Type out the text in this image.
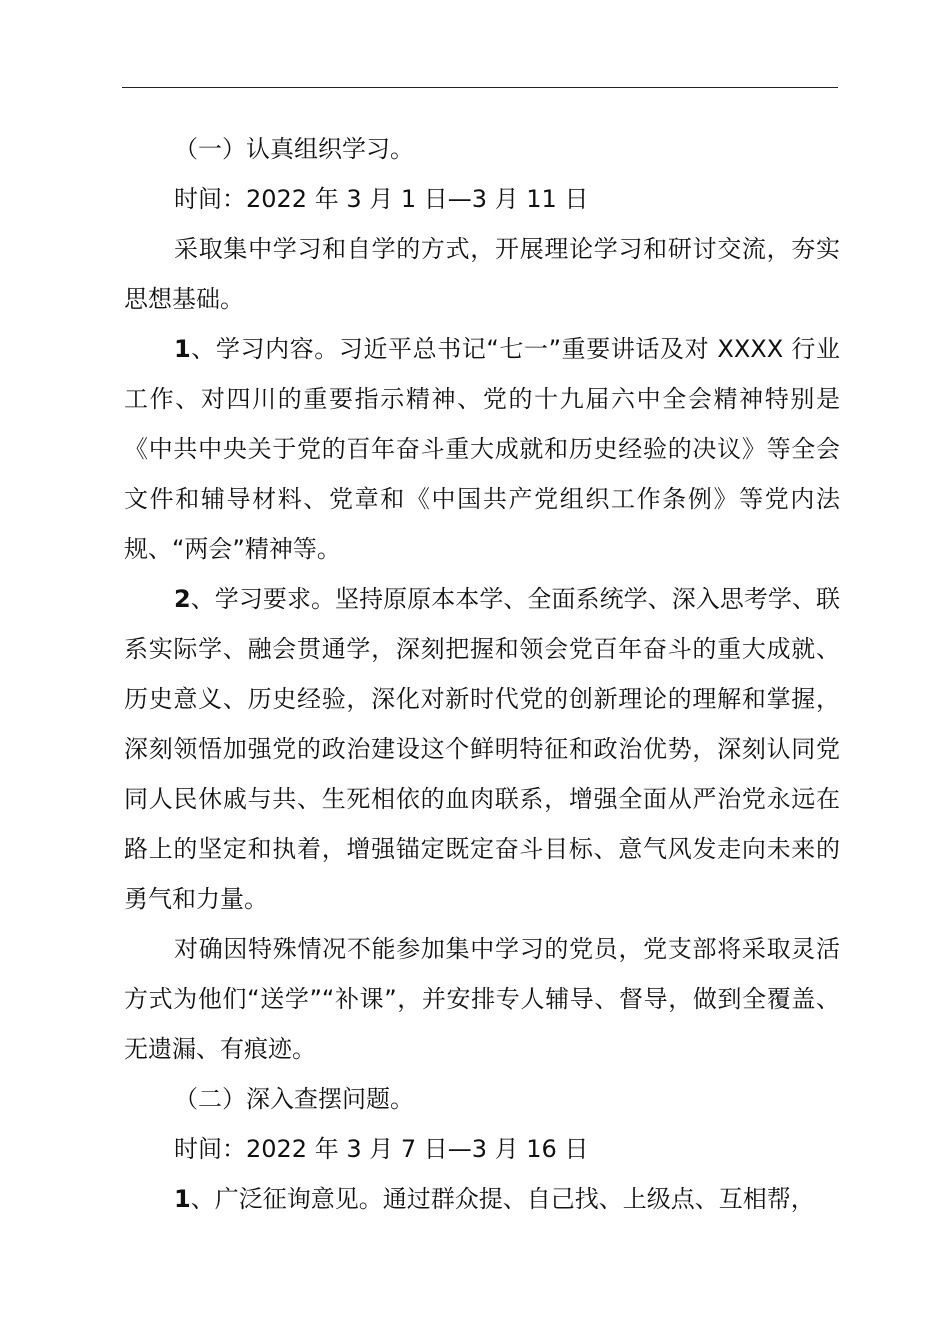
（一）认真组织学习。

时间：2022 年 3 月 1 日—3 月 11 日

采取集中学习和自学的方式，开展理论学习和研讨交流，夯实思想基础。

1、学习内容。习近平总书记“七一”重要讲话及对 XXXX 行业工作、对四川的重要指示精神、党的十九届六中全会精神特别是《中共中央关于党的百年奋斗重大成就和历史经验的决议》等全会文件和辅导材料、党章和《中国共产党组织工作条例》等党内法规、“两会”精神等。

2、学习要求。坚持原原本本学、全面系统学、深入思考学、联系实际学、融会贯通学，深刻把握和领会党百年奋斗的重大成就、历史意义、历史经验，深化对新时代党的创新理论的理解和掌握，深刻领悟加强党的政治建设这个鲜明特征和政治优势，深刻认同党同人民休戚与共、生死相依的血肉联系，增强全面从严治党永远在路上的坚定和执着，增强锚定既定奋斗目标、意气风发走向未来的勇气和力量。

对确因特殊情况不能参加集中学习的党员，党支部将采取灵活方式为他们“送学”“补课”，并安排专人辅导、督导，做到全覆盖、无遗漏、有痕迹。

（二）深入查摆问题。

时间：2022 年 3 月 7 日—3 月 16 日

1、广泛征询意见。通过群众提、自己找、上级点、互相帮，
